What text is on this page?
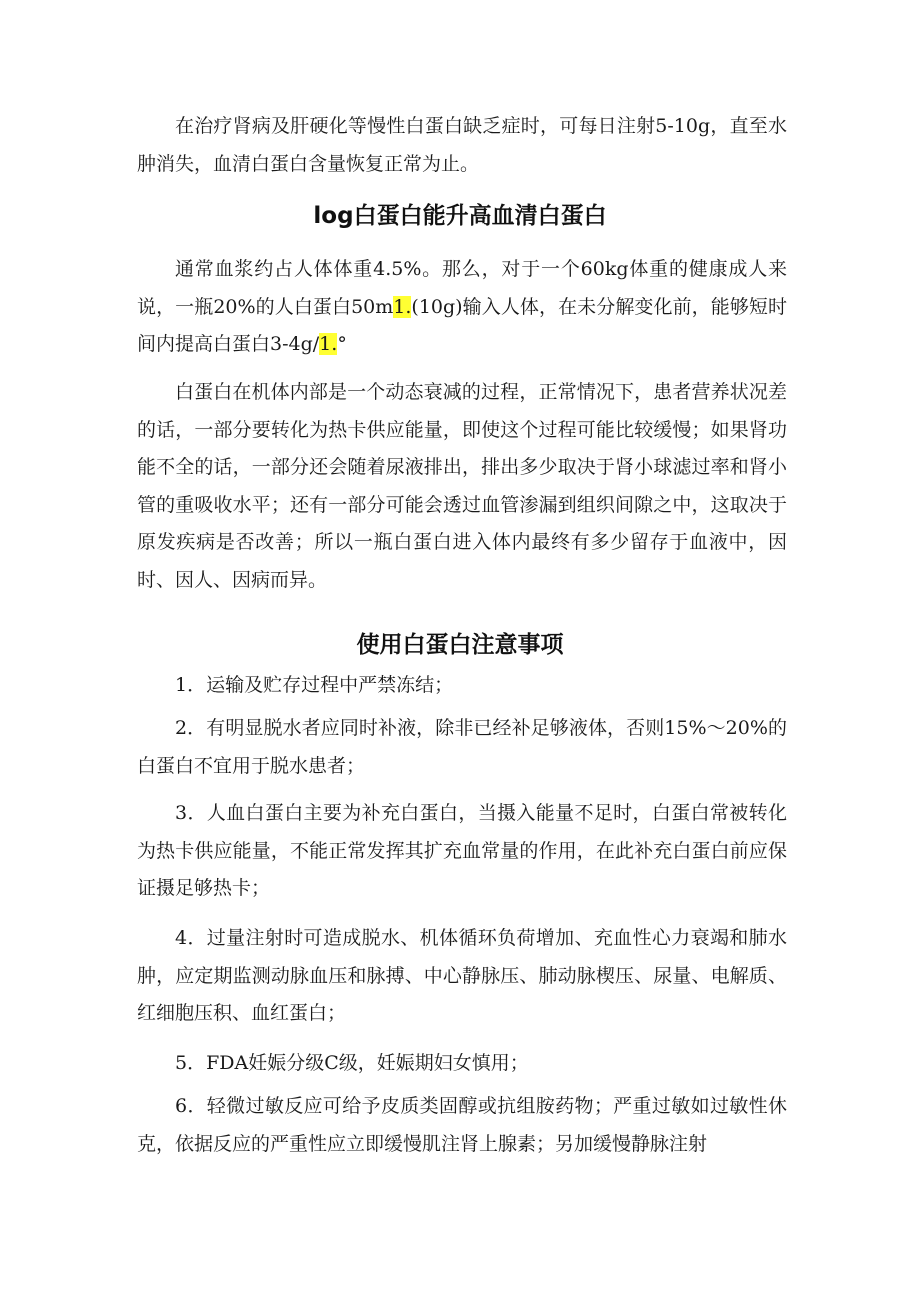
在治疗肾病及肝硬化等慢性白蛋白缺乏症时，可每日注射5-10g，直至水肿消失，血清白蛋白含量恢复正常为止。

log白蛋白能升高血清白蛋白

通常血浆约占人体体重4.5%。那么，对于一个60kg体重的健康成人来说，一瓶20%的人白蛋白50m1.(10g)输入人体，在未分解变化前，能够短时间内提高白蛋白3-4g/1.°

白蛋白在机体内部是一个动态衰减的过程，正常情况下，患者营养状况差的话，一部分要转化为热卡供应能量，即使这个过程可能比较缓慢；如果肾功能不全的话，一部分还会随着尿液排出，排出多少取决于肾小球滤过率和肾小管的重吸收水平；还有一部分可能会透过血管渗漏到组织间隙之中，这取决于原发疾病是否改善；所以一瓶白蛋白进入体内最终有多少留存于血液中，因时、因人、因病而异。

使用白蛋白注意事项

1．运输及贮存过程中严禁冻结；

2．有明显脱水者应同时补液，除非已经补足够液体，否则15%～20%的白蛋白不宜用于脱水患者；

3．人血白蛋白主要为补充白蛋白，当摄入能量不足时，白蛋白常被转化为热卡供应能量，不能正常发挥其扩充血常量的作用，在此补充白蛋白前应保证摄足够热卡；

4．过量注射时可造成脱水、机体循环负荷增加、充血性心力衰竭和肺水肿，应定期监测动脉血压和脉搏、中心静脉压、肺动脉楔压、尿量、电解质、红细胞压积、血红蛋白；

5．FDA妊娠分级C级，妊娠期妇女慎用；

6．轻微过敏反应可给予皮质类固醇或抗组胺药物；严重过敏如过敏性休克，依据反应的严重性应立即缓慢肌注肾上腺素；另加缓慢静脉注射
